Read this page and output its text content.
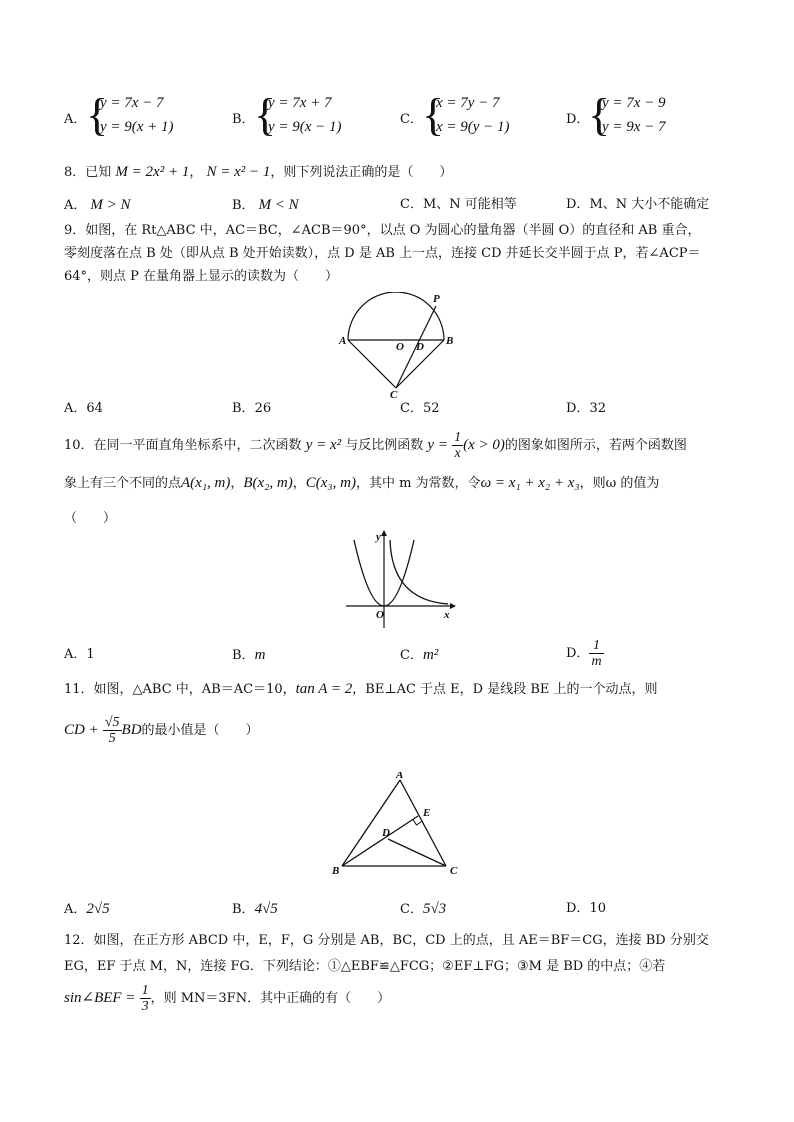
A． {
y = 7x − 7
y = 9(x + 1)	B． {
y = 7x + 7
y = 9(x − 1)	C． {
x = 7y − 7
x = 9(y − 1)	D．
{
y = 7x − 9
y = 9x − 7
8．已知 M = 2x² + 1， N = x² − 1，则下列说法正确的是（　　）
A． M > N	B． M < N	C．M、N 可能相等	D．M、N 大小不能确定
9．如图，在 Rt△ABC 中，AC＝BC，∠ACB＝90°，以点 O 为圆心的量角器（半圆 O）的直径和 AB 重合，
零刻度落在点 B 处（即从点 B 处开始读数），点 D 是 AB 上一点，连接 CD 并延长交半圆于点 P，若∠ACP＝
64°，则点 P 在量角器上显示的读数为（　　）
A	B
C
O D
P
A．64	B．26	C．52	D．32
10．在同一平面直角坐标系中，二次函数 y = x² 与反比例函数 $y = \frac{1}{x} (x > 0)$的图象如图所示，若两个函数图
象上有三个不同的点A(x₁, m)，B(x₂, m)，C(x₃, m)，其中 m 为常数，令ω = x₁ + x₂ + x₃，则ω 的值为
（　　）
y
x
O
A．1	B．m	C．m²	D． $\frac{1}{m}$
11．如图，△ABC 中，AB＝AC＝10，tan A = 2，BE⊥AC 于点 E，D 是线段 BE 上的一个动点，则
CD + $\frac{√5}{5}$ BD的最小值是（　　）
A
B	C
D
E
A．2√5	B．4√5	C．5√3	D．10
12．如图，在正方形 ABCD 中，E，F，G 分别是 AB，BC，CD 上的点，且 AE＝BF＝CG，连接 BD 分别交
EG，EF 于点 M，N，连接 FG．下列结论：①△EBF≌△FCG；②EF⊥FG；③M 是 BD 的中点；④若
sin∠BEF = $\frac{1}{3}$ ，则 MN＝3FN．其中正确的有（　　）
